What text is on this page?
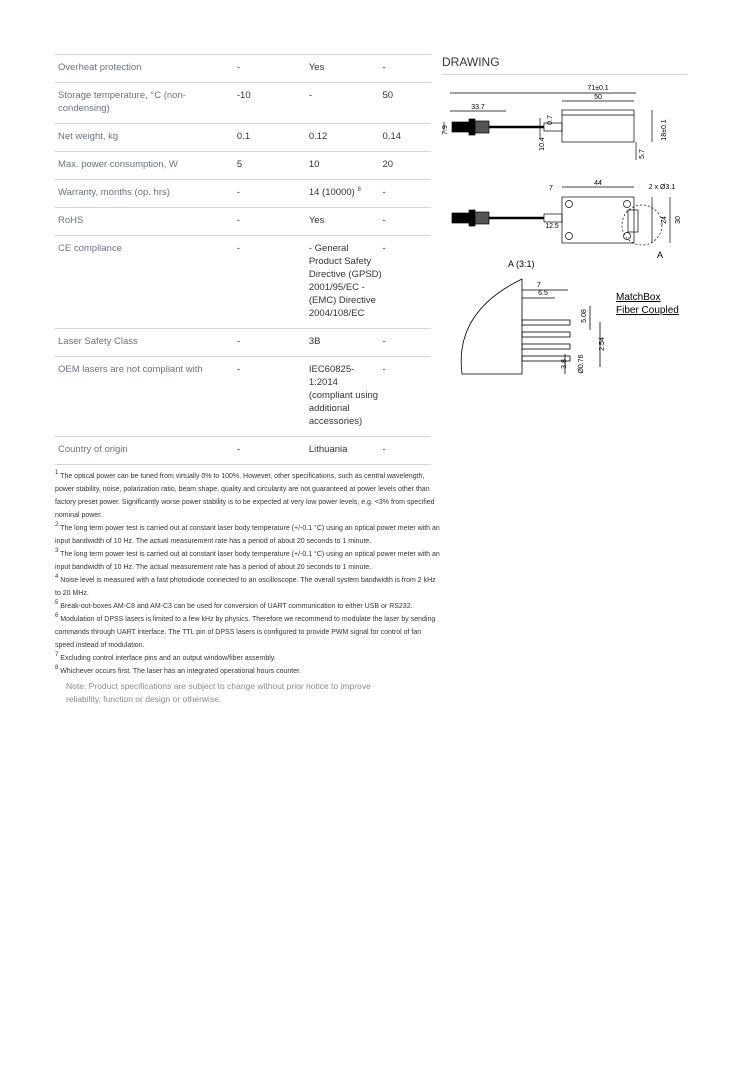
Overheat protection	-	Yes	-
Storage temperature, °C (non-condensing)	-10	-	50
Net weight, kg	0.1	0.12	0.14
Max. power consumption, W	5	10	20
Warranty, months (op. hrs)	-	14 (10000) $^8$	-
RoHS	-	Yes	-
CE compliance	-	- General Product Safety Directive (GPSD) 2001/95/EC - (EMC) Directive 2004/108/EC	-
Laser Safety Class	-	3B	-
OEM lasers are not compliant with	-	IEC60825-1:2014 (compliant using additional accessories)	-
Country of origin	-	Lithuania	-
DRAWING
71±0.1
33.7
50
0.7
7.9
10.4
18±0.1
5.7
7
44
2 x Ø3.1
12.5
24 30
A
A (3:1)
7
6.5
5.08
2.54
3.8 Ø0.76
MatchBox
Fiber Coupled

$^1$ The optical power can be tuned from virtually 0% to 100%. However, other specifications, such as central wavelength, power stability, noise, polarization ratio, beam shape, quality and circularity are not guaranteed at power levels other than factory preset power. Significantly worse power stability is to be expected at very low power levels, e.g. <3% from specified nominal power.

$^2$ The long term power test is carried out at constant laser body temperature (+/-0.1 °C) using an optical power meter with an input bandwidth of 10 Hz. The actual measurement rate has a period of about 20 seconds to 1 minute.

$^3$ The long term power test is carried out at constant laser body temperature (+/-0.1 °C) using an optical power meter with an input bandwidth of 10 Hz. The actual measurement rate has a period of about 20 seconds to 1 minute.

$^4$ Noise level is measured with a fast photodiode connected to an oscilloscope. The overall system bandwidth is from 2 kHz to 20 MHz.

$^5$ Break-out-boxes AM-C8 and AM-C3 can be used for conversion of UART communication to either USB or RS232.

$^6$ Modulation of DPSS lasers is limited to a few kHz by physics. Therefore we recommend to modulate the laser by sending commands through UART interface. The TTL pin of DPSS lasers is configured to provide PWM signal for control of fan speed instead of modulation.

$^7$ Excluding control interface pins and an output window/fiber assembly.

$^8$ Whichever occurs first. The laser has an integrated operational hours counter.

Note: Product specifications are subject to change without prior notice to improve reliability, function or design or otherwise.
